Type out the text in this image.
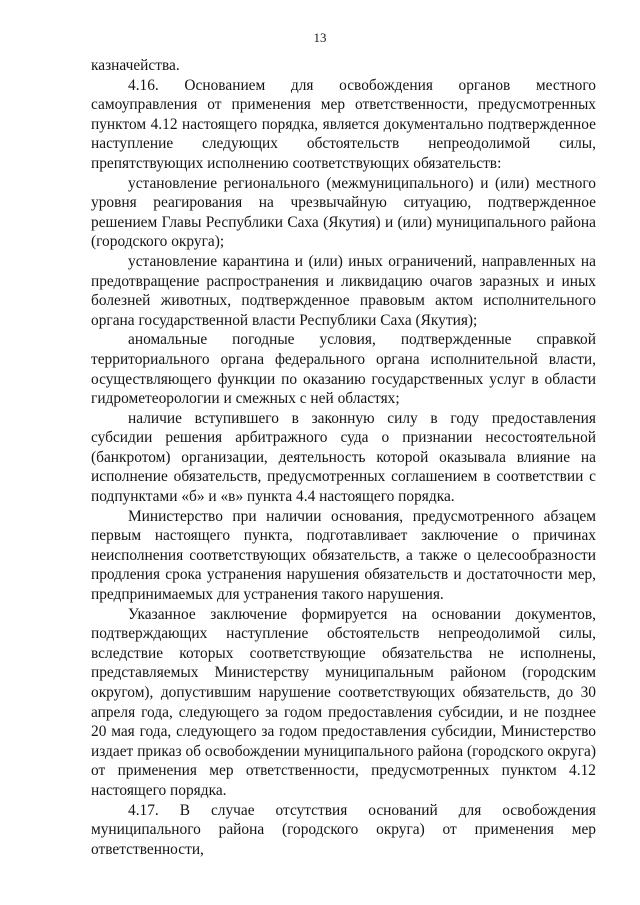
13

казначейства.

4.16. Основанием для освобождения органов местного самоуправления от применения мер ответственности, предусмотренных пунктом 4.12 настоящего порядка, является документально подтвержденное наступление следующих обстоятельств непреодолимой силы, препятствующих исполнению соответствующих обязательств:

установление регионального (межмуниципального) и (или) местного уровня реагирования на чрезвычайную ситуацию, подтвержденное решением Главы Республики Саха (Якутия) и (или) муниципального района (городского округа);

установление карантина и (или) иных ограничений, направленных на предотвращение распространения и ликвидацию очагов заразных и иных болезней животных, подтвержденное правовым актом исполнительного органа государственной власти Республики Саха (Якутия);

аномальные погодные условия, подтвержденные справкой территориального органа федерального органа исполнительной власти, осуществляющего функции по оказанию государственных услуг в области гидрометеорологии и смежных с ней областях;

наличие вступившего в законную силу в году предоставления субсидии решения арбитражного суда о признании несостоятельной (банкротом) организации, деятельность которой оказывала влияние на исполнение обязательств, предусмотренных соглашением в соответствии с подпунктами «б» и «в» пункта 4.4 настоящего порядка.

Министерство при наличии основания, предусмотренного абзацем первым настоящего пункта, подготавливает заключение о причинах неисполнения соответствующих обязательств, а также о целесообразности продления срока устранения нарушения обязательств и достаточности мер, предпринимаемых для устранения такого нарушения.

Указанное заключение формируется на основании документов, подтверждающих наступление обстоятельств непреодолимой силы, вследствие которых соответствующие обязательства не исполнены, представляемых Министерству муниципальным районом (городским округом), допустившим нарушение соответствующих обязательств, до 30 апреля года, следующего за годом предоставления субсидии, и не позднее 20 мая года, следующего за годом предоставления субсидии, Министерство издает приказ об освобождении муниципального района (городского округа) от применения мер ответственности, предусмотренных пунктом 4.12 настоящего порядка.

4.17. В случае отсутствия оснований для освобождения муниципального района (городского округа) от применения мер ответственности,
